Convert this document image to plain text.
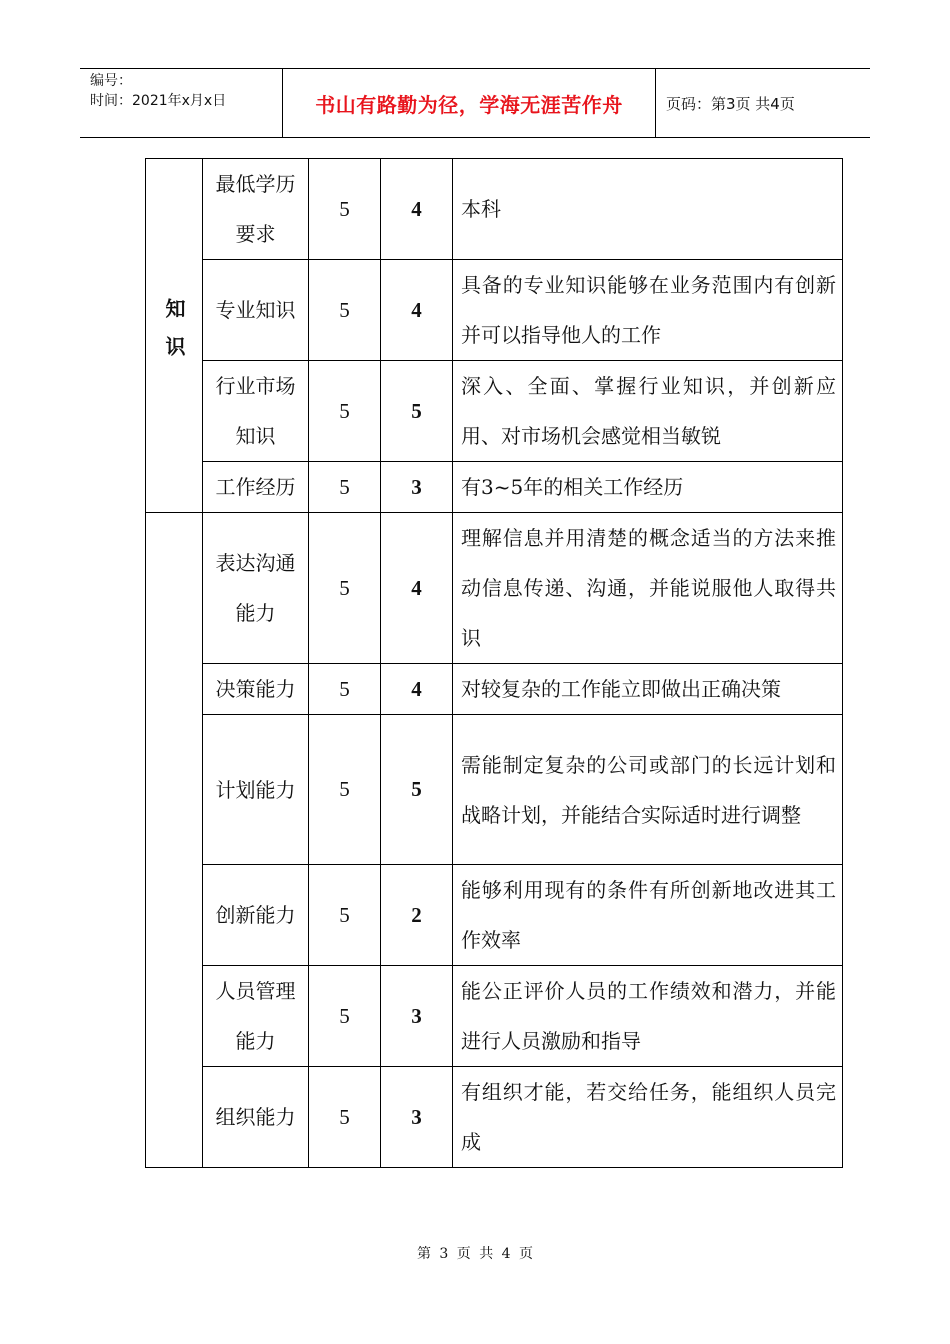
编号：
时间：2021年x月x日	书山有路勤为径，学海无涯苦作舟	页码：第3页 共4页
知识	最低学历要求	5	4	本科
	专业知识	5	4	具备的专业知识能够在业务范围内有创新并可以指导他人的工作
	行业市场知识	5	5	深入、全面、掌握行业知识，并创新应用、对市场机会感觉相当敏锐
	工作经历	5	3	有3~5年的相关工作经历

	表达沟通能力	5	4	理解信息并用清楚的概念适当的方法来推动信息传递、沟通，并能说服他人取得共识
	决策能力	5	4	对较复杂的工作能立即做出正确决策
	计划能力	5	5	需能制定复杂的公司或部门的长远计划和战略计划，并能结合实际适时进行调整
	创新能力	5	2	能够利用现有的条件有所创新地改进其工作效率
	人员管理能力	5	3	能公正评价人员的工作绩效和潜力，并能进行人员激励和指导
	组织能力	5	3	有组织才能，若交给任务，能组织人员完成
第 3 页 共 4 页
